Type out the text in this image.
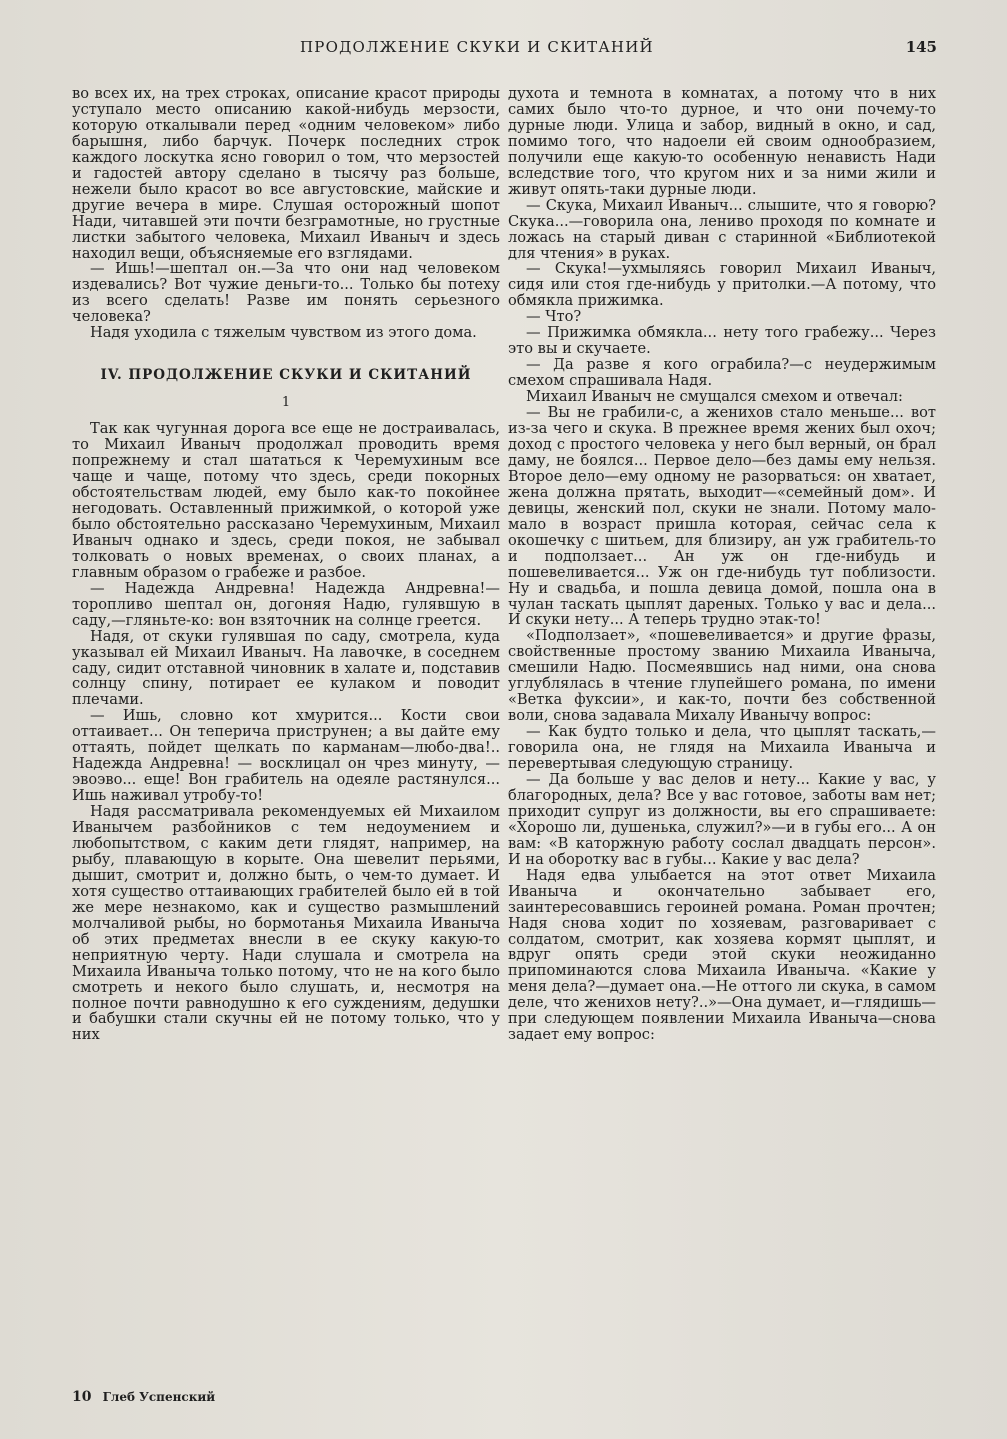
ПРОДОЛЖЕНИЕ СКУКИ И СКИТАНИЙ	145

во всех их, на трех строках, описание красот природы уступало место описанию какой-нибудь мерзости, которую откалывали перед «одним человеком» либо барышня, либо барчук. Почерк последних строк каждого лоскутка ясно говорил о том, что мерзостей и гадостей автору сделано в тысячу раз больше, нежели было красот во все августовские, майские и другие вечера в мире. Слушая осторожный шопот Нади, читавшей эти почти безграмотные, но грустные листки забытого человека, Михаил Иваныч и здесь находил вещи, объясняемые его взглядами.

— Ишь!—шептал он.—За что они над человеком издевались? Вот чужие деньги-то... Только бы потеху из всего сделать! Разве им понять серьезного человека?

Надя уходила с тяжелым чувством из этого дома.

IV. ПРОДОЛЖЕНИЕ СКУКИ И СКИТАНИЙ
1

Так как чугунная дорога все еще не достраивалась, то Михаил Иваныч продолжал проводить время попрежнему и стал шататься к Черемухиным все чаще и чаще, потому что здесь, среди покорных обстоятельствам людей, ему было как-то покойнее негодовать. Оставленный прижимкой, о которой уже было обстоятельно рассказано Черемухиным, Михаил Иваныч однако и здесь, среди покоя, не забывал толковать о новых временах, о своих планах, а главным образом о грабеже и разбое.

— Надежда Андревна! Надежда Андревна!—торопливо шептал он, догоняя Надю, гулявшую в саду,—гляньте-ко: вон взяточник на солнце греется.

Надя, от скуки гулявшая по саду, смотрела, куда указывал ей Михаил Иваныч. На лавочке, в соседнем саду, сидит отставной чиновник в халате и, подставив солнцу спину, потирает ее кулаком и поводит плечами.

— Ишь, словно кот хмурится... Кости свои оттаивает... Он теперича приструнен; а вы дайте ему оттаять, пойдет щелкать по карманам—любо-два!.. Надежда Андревна! — восклицал он чрез минуту, — эвоэво... еще! Вон грабитель на одеяле растянулся... Ишь наживал утробу-то!

Надя рассматривала рекомендуемых ей Михаилом Иванычем разбойников с тем недоумением и любопытством, с каким дети глядят, например, на рыбу, плавающую в корыте. Она шевелит перьями, дышит, смотрит и, должно быть, о чем-то думает. И хотя существо оттаивающих грабителей было ей в той же мере незнакомо, как и существо размышлений молчаливой рыбы, но бормотанья Михаила Иваныча об этих предметах внесли в ее скуку какую-то неприятную черту. Нади слушала и смотрела на Михаила Иваныча только потому, что не на кого было смотреть и некого было слушать, и, несмотря на полное почти равнодушно к его суждениям, дедушки и бабушки стали скучны ей не потому только, что у них

духота и темнота в комнатах, а потому что в них самих было что-то дурное, и что они почему-то дурные люди. Улица и забор, видный в окно, и сад, помимо того, что надоели ей своим однообразием, получили еще какую-то особенную ненависть Нади вследствие того, что кругом них и за ними жили и живут опять-таки дурные люди.

— Скука, Михаил Иваныч... слышите, что я говорю? Скука...—говорила она, лениво проходя по комнате и ложась на старый диван с старинной «Библиотекой для чтения» в руках.

— Скука!—ухмыляясь говорил Михаил Иваныч, сидя или стоя где-нибудь у притолки.—А потому, что обмякла прижимка.

— Что?

— Прижимка обмякла... нету того грабежу... Через это вы и скучаете.

— Да разве я кого ограбила?—с неудержимым смехом спрашивала Надя.

Михаил Иваныч не смущался смехом и отвечал:

— Вы не грабили-с, а женихов стало меньше... вот из-за чего и скука. В прежнее время жених был охоч; доход с простого человека у него был верный, он брал даму, не боялся... Первое дело—без дамы ему нельзя. Второе дело—ему одному не разорваться: он хватает, жена должна прятать, выходит—«семейный дом». И девицы, женский пол, скуки не знали. Потому мало-мало в возраст пришла которая, сейчас села к окошечку с шитьем, для близиру, ан уж грабитель-то и подползает... Ан уж он где-нибудь и пошевеливается... Уж он где-нибудь тут поблизости. Ну и свадьба, и пошла девица домой, пошла она в чулан таскать цыплят дареных. Только у вас и дела... И скуки нету... А теперь трудно этак-то!

«Подползает», «пошевеливается» и другие фразы, свойственные простому званию Михаила Иваныча, смешили Надю. Посмеявшись над ними, она снова углублялась в чтение глупейшего романа, по имени «Ветка фуксии», и как-то, почти без собственной воли, снова задавала Михалу Иванычу вопрос:

— Как будто только и дела, что цыплят таскать,—говорила она, не глядя на Михаила Иваныча и перевертывая следующую страницу.

— Да больше у вас делов и нету... Какие у вас, у благородных, дела? Все у вас готовое, заботы вам нет; приходит супруг из должности, вы его спрашиваете: «Хорошо ли, душенька, служил?»—и в губы его... А он вам: «В каторжную работу сослал двадцать персон». И на оборотку вас в губы... Какие у вас дела?

Надя едва улыбается на этот ответ Михаила Иваныча и окончательно забывает его, заинтересовавшись героиней романа. Роман прочтен; Надя снова ходит по хозяевам, разговаривает с солдатом, смотрит, как хозяева кормят цыплят, и вдруг опять среди этой скуки неожиданно припоминаются слова Михаила Иваныча. «Какие у меня дела?—думает она.—Не оттого ли скука, в самом деле, что женихов нету?..»—Она думает, и—глядишь—при следующем появлении Михаила Иваныча—снова задает ему вопрос:

10 Глеб Успенский
